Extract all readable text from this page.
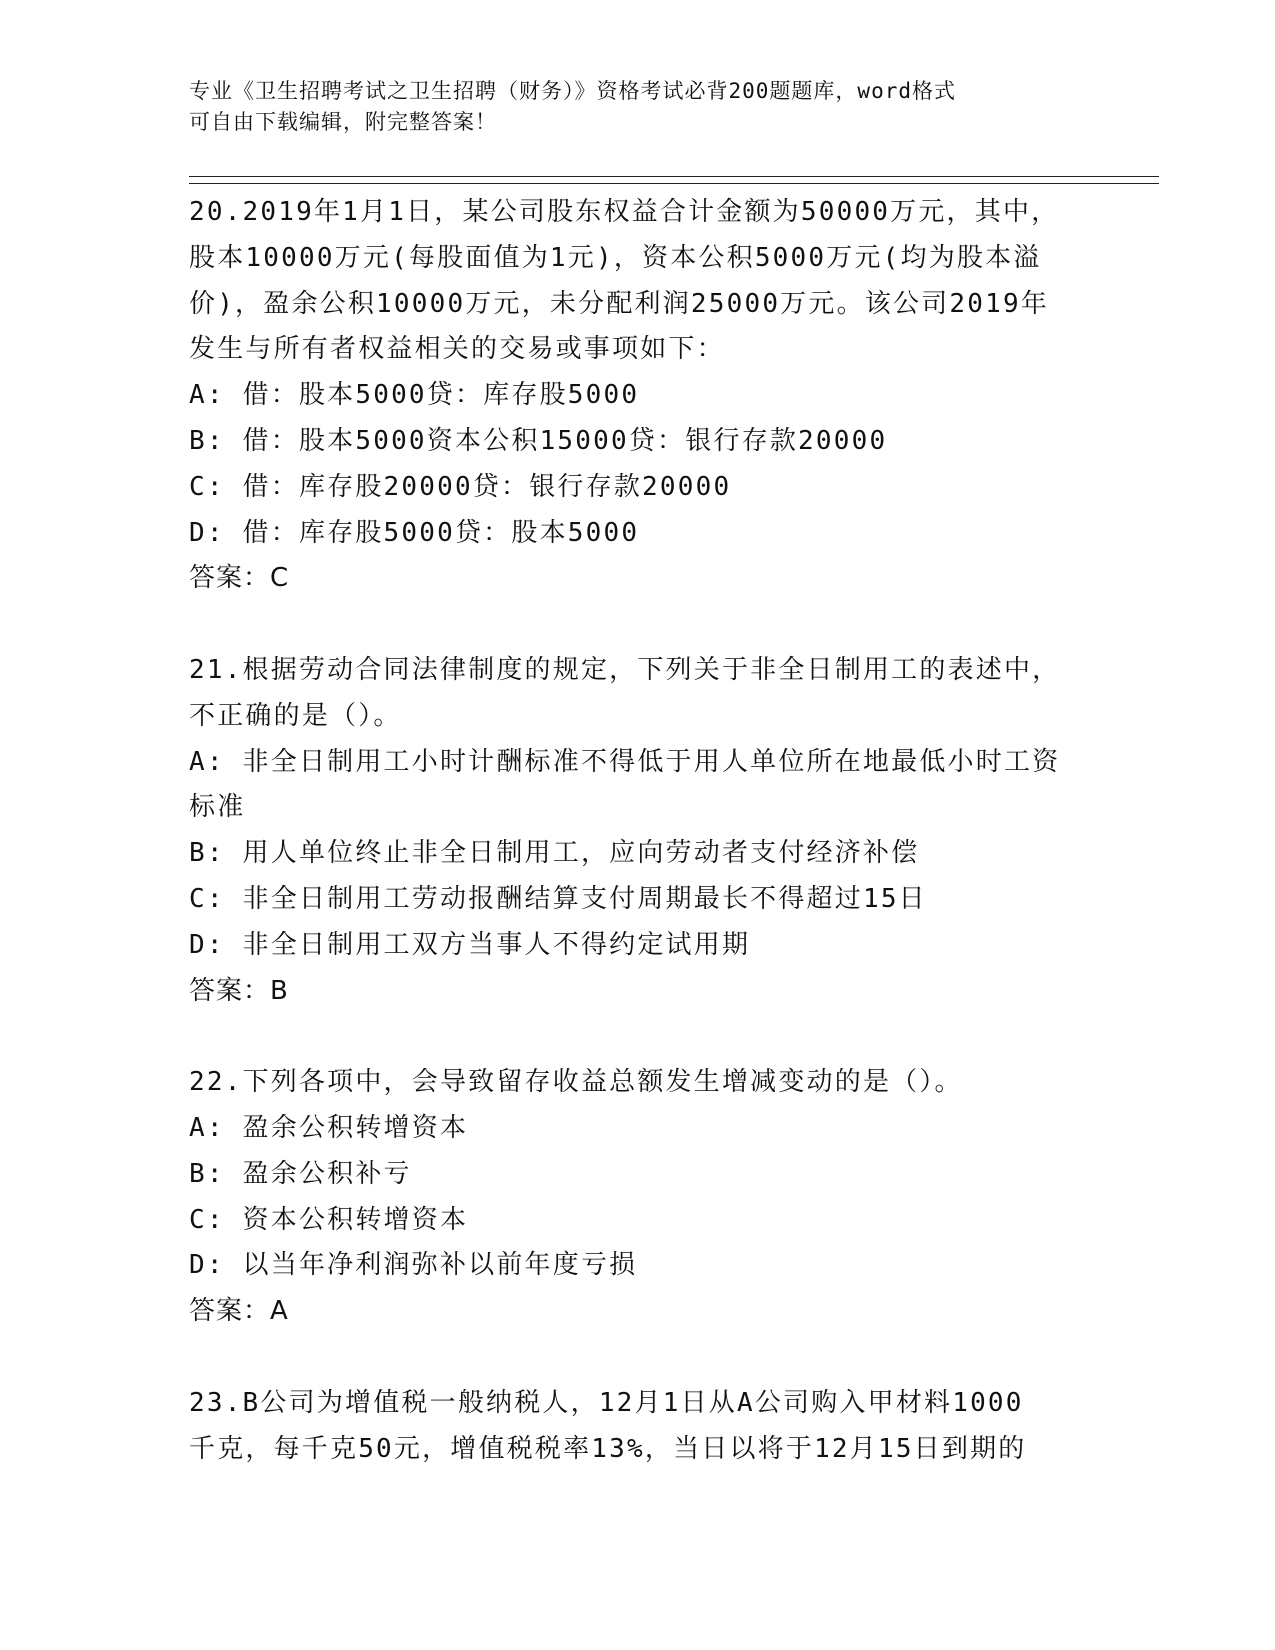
专业《卫生招聘考试之卫生招聘（财务）》资格考试必背200题题库，word格式
可自由下载编辑，附完整答案！
20.2019年1月1日，某公司股东权益合计金额为50000万元，其中，
股本10000万元(每股面值为1元)，资本公积5000万元(均为股本溢
价)，盈余公积10000万元，未分配利润25000万元。该公司2019年
发生与所有者权益相关的交易或事项如下：
A: 借：股本5000贷：库存股5000
B: 借：股本5000资本公积15000贷：银行存款20000
C: 借：库存股20000贷：银行存款20000
D: 借：库存股5000贷：股本5000
答案：C
21.根据劳动合同法律制度的规定，下列关于非全日制用工的表述中，
不正确的是（）。
A: 非全日制用工小时计酬标准不得低于用人单位所在地最低小时工资
标准
B: 用人单位终止非全日制用工，应向劳动者支付经济补偿
C: 非全日制用工劳动报酬结算支付周期最长不得超过15日
D: 非全日制用工双方当事人不得约定试用期
答案：B
22.下列各项中，会导致留存收益总额发生增减变动的是（）。
A: 盈余公积转增资本
B: 盈余公积补亏
C: 资本公积转增资本
D: 以当年净利润弥补以前年度亏损
答案：A
23.B公司为增值税一般纳税人，12月1日从A公司购入甲材料1000
千克，每千克50元，增值税税率13%，当日以将于12月15日到期的
